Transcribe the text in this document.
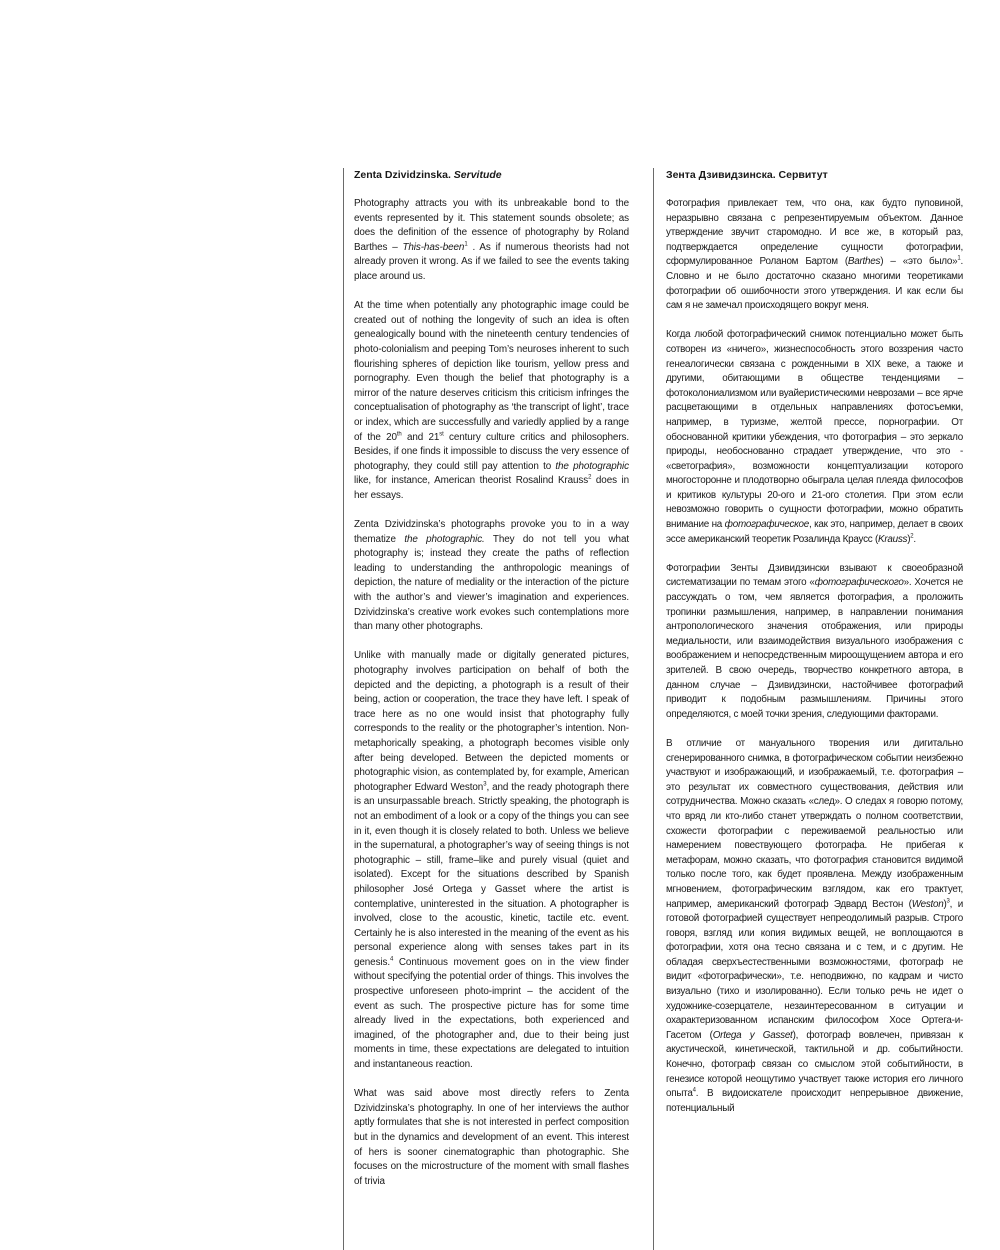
Zenta Dzividzinska. Servitude

Photography attracts you with its unbreakable bond to the events represented by it. This statement sounds obsolete; as does the definition of the essence of photography by Roland Barthes – This-has-been$^1$ . As if numerous theorists had not already proven it wrong. As if we failed to see the events taking place around us.

At the time when potentially any photographic image could be created out of nothing the longevity of such an idea is often genealogically bound with the nineteenth century tendencies of photo-colonialism and peeping Tom’s neuroses inherent to such flourishing spheres of depiction like tourism, yellow press and pornography. Even though the belief that photography is a mirror of the nature deserves criticism this criticism infringes the conceptualisation of photography as ‘the transcript of light’, trace or index, which are successfully and variedly applied by a range of the 20th and 21st century culture critics and philosophers. Besides, if one finds it impossible to discuss the very essence of photography, they could still pay attention to the photographic like, for instance, American theorist Rosalind Krauss$^2$ does in her essays.

Zenta Dzividzinska’s photographs provoke you to in a way thematize the photographic. They do not tell you what photography is; instead they create the paths of reflection leading to understanding the anthropologic meanings of depiction, the nature of mediality or the interaction of the picture with the author’s and viewer’s imagination and experiences. Dzividzinska’s creative work evokes such contemplations more than many other photographs.

Unlike with manually made or digitally generated pictures, photography involves participation on behalf of both the depicted and the depicting, a photograph is a result of their being, action or cooperation, the trace they have left. I speak of trace here as no one would insist that photography fully corresponds to the reality or the photographer’s intention. Non-metaphorically speaking, a photograph becomes visible only after being developed. Between the depicted moments or photographic vision, as contemplated by, for example, American photographer Edward Weston$^3$, and the ready photograph there is an unsurpassable breach. Strictly speaking, the photograph is not an embodiment of a look or a copy of the things you can see in it, even though it is closely related to both. Unless we believe in the supernatural, a photographer’s way of seeing things is not photographic – still, frame–like and purely visual (quiet and isolated). Except for the situations described by Spanish philosopher José Ortega y Gasset where the artist is contemplative, uninterested in the situation. A photographer is involved, close to the acoustic, kinetic, tactile etc. event. Certainly he is also interested in the meaning of the event as his personal experience along with senses takes part in its genesis.$^4$ Continuous movement goes on in the view finder without specifying the potential order of things. This involves the prospective unforeseen photo-imprint – the accident of the event as such. The prospective picture has for some time already lived in the expectations, both experienced and imagined, of the photographer and, due to their being just moments in time, these expectations are delegated to intuition and instantaneous reaction.

What was said above most directly refers to Zenta Dzividzinska’s photography. In one of her interviews the author aptly formulates that she is not interested in perfect composition but in the dynamics and development of an event. This interest of hers is sooner cinematographic than photographic. She focuses on the microstructure of the moment with small flashes of trivia

Зента Дзивидзинска. Сервитут

Фотография привлекает тем, что она, как будто пуповиной, неразрывно связана с репрезентируемым объектом. Данное утверждение звучит старомодно. И все же, в который раз, подтверждается определение сущности фотографии, сформулированное Роланом Бартом (Barthes) – «это было»$^1$. Словно и не было достаточно сказано многими теоретиками фотографии об ошибочности этого утверждения. И как если бы сам я не замечал происходящего вокруг меня.

Когда любой фотографический снимок потенциально может быть сотворен из «ничего», жизнеспособность этого воззрения часто генеалогически связана с рожденными в XIX веке, а также и другими, обитающими в обществе тенденциями – фотоколониализмом или вуайеристическими неврозами – все ярче расцветающими в отдельных направлениях фотосъемки, например, в туризме, желтой прессе, порнографии. От обоснованной критики убеждения, что фотография – это зеркало природы, необоснованно страдает утверждение, что это - «светография», возможности концептуализации которого многосторонне и плодотворно обыграла целая плеяда философов и критиков культуры 20-ого и 21-ого столетия. При этом если невозможно говорить о сущности фотографии, можно обратить внимание на фотографическое, как это, например, делает в своих эссе американский теоретик Розалинда Краусс (Krauss)$^2$.

Фотографии Зенты Дзивидзински взывают к своеобразной систематизации по темам этого «фотографического». Хочется не рассуждать о том, чем является фотография, а проложить тропинки размышления, например, в направлении понимания антропологического значения отображения, или природы медиальности, или взаимодействия визуального изображения с воображением и непосредственным мироощущением автора и его зрителей. В свою очередь, творчество конкретного автора, в данном случае – Дзивидзински, настойчивее фотографий приводит к подобным размышлениям. Причины этого определяются, с моей точки зрения, следующими факторами.

В отличие от мануального творения или дигитально сгенерированного снимка, в фотографическом событии неизбежно участвуют и изображающий, и изображаемый, т.е. фотография – это результат их совместного существования, действия или сотрудничества. Можно сказать «след». О следах я говорю потому, что вряд ли кто-либо станет утверждать о полном соответствии, схожести фотографии с переживаемой реальностью или намерением повествующего фотографа. Не прибегая к метафорам, можно сказать, что фотография становится видимой только после того, как будет проявлена. Между изображенным мгновением, фотографическим взглядом, как его трактует, например, американский фотограф Эдвард Вестон (Weston)$^3$, и готовой фотографией существует непреодолимый разрыв. Строго говоря, взгляд или копия видимых вещей, не воплощаются в фотографии, хотя она тесно связана и с тем, и с другим. Не обладая сверхъестественными возможностями, фотограф не видит «фотографически», т.е. неподвижно, по кадрам и чисто визуально (тихо и изолированно). Если только речь не идет о художнике-созерцателе, незаинтересованном в ситуации и охарактеризованном испанским философом Хосе Ортега-и-Гасетом (Ortega y Gasset), фотограф вовлечен, привязан к акустической, кинетической, тактильной и др. событийности. Конечно, фотограф связан со смыслом этой событийности, в генезисе которой неощутимо участвует также история его личного опыта$^4$. В видоискателе происходит непрерывное движение, потенциальный
